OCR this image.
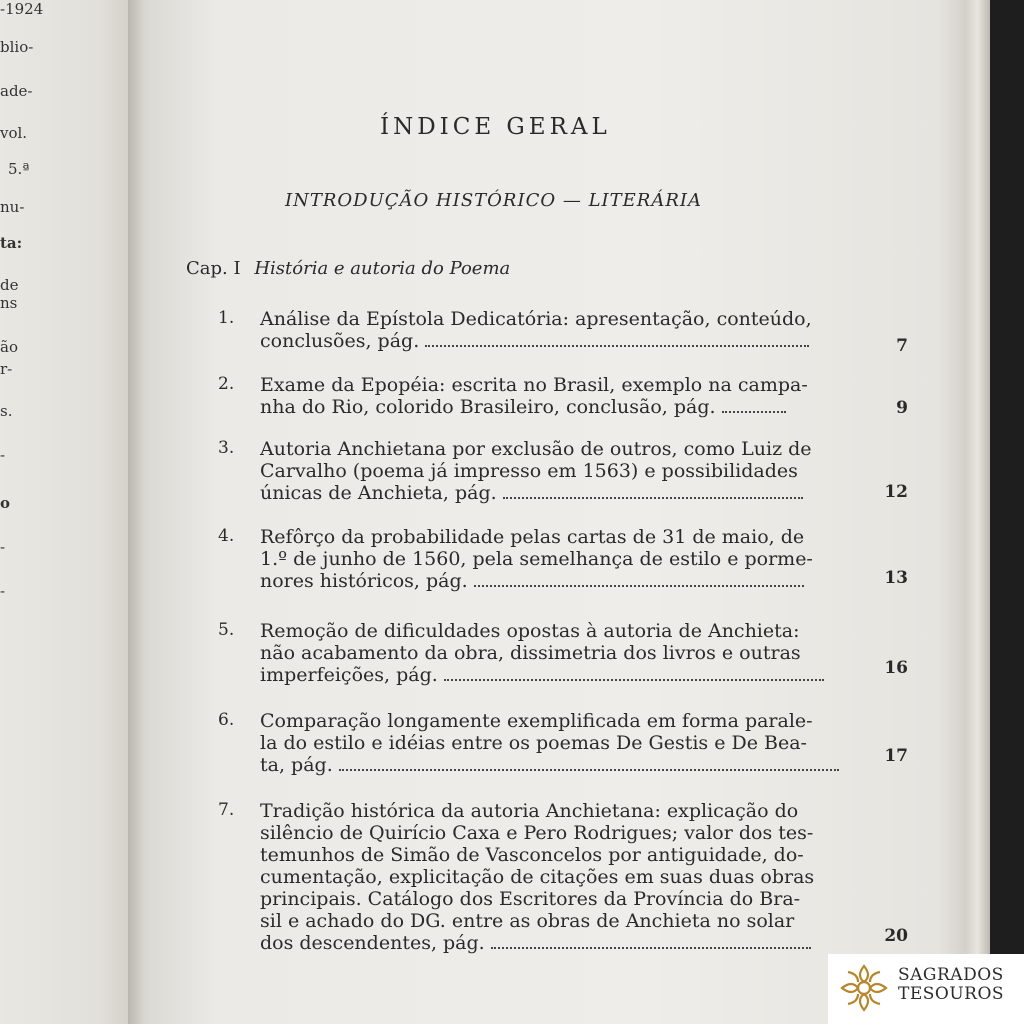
-1924
blio-
ade-
vol.
5.ª
nu-
ta:
de
ns
ão
r-
s.
-
o
-
-
ÍNDICE GERAL
INTRODUÇÃO HISTÓRICO — LITERÁRIA
Cap. I História e autoria do Poema
1. Análise da Epístola Dedicatória: apresentação, conteúdo,
conclusões, pág.	7
2. Exame da Epopéia: escrita no Brasil, exemplo na campa-
nha do Rio, colorido Brasileiro, conclusão, pág.	9
3. Autoria Anchietana por exclusão de outros, como Luiz de
Carvalho (poema já impresso em 1563) e possibilidades
únicas de Anchieta, pág.	12
4. Refôrço da probabilidade pelas cartas de 31 de maio, de
1.º de junho de 1560, pela semelhança de estilo e pormе-
nores históricos, pág.	13
5. Remoção de dificuldades opostas à autoria de Anchieta:
não acabamento da obra, dissimetria dos livros e outras
imperfeições, pág.	16
6. Comparação longamente exemplificada em forma parale-
la do estilo e idéias entre os poemas De Gestis e De Bea-
ta, pág.	17
7. Tradição histórica da autoria Anchietana: explicação do
silêncio de Quirício Caxa e Pero Rodrigues; valor dos tes-
temunhos de Simão de Vasconcelos por antiguidade, do-
cumentação, explicitação de citações em suas duas obras
principais. Catálogo dos Escritores da Província do Bra-
sil e achado do DG. entre as obras de Anchieta no solar
dos descendentes, pág.	20
SAGRADOS
TESOUROS
